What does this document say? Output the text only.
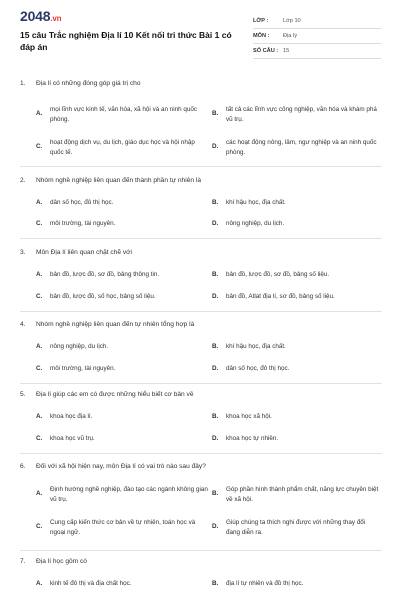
2048.vn
15 câu Trắc nghiệm Địa lí 10 Kết nối tri thức Bài 1 có đáp án
LỚP :	Lớp 10
MÔN :	Địa lý
SỐ CÂU : 15
1. Địa lí có những đóng góp giá trị cho
A.
mọi lĩnh vực kinh tế, văn hóa, xã hội và an ninh quốc phòng.
B.
tất cả các lĩnh vực công nghiệp, văn hóa và khám phá vũ trụ.
C.
hoạt động dịch vụ, du lịch, giáo dục học và hội nhập quốc tế.
D.
các hoạt động nông, lâm, ngư nghiệp và an ninh quốc phòng.
2. Nhóm nghề nghiệp liên quan đến thành phần tự nhiên là
A. dân số học, đô thị học.	B. khí hậu học, địa chất.
C. môi trường, tài nguyên.	D. nông nghiệp, du lịch.
3. Môn Địa lí liên quan chặt chẽ với
A. bản đồ, lược đồ, sơ đồ, bảng thông tin.	B. bản đồ, lược đồ, sơ đồ, bảng số liệu.
C. bản đồ, lược đồ, số học, bảng số liệu.	D. bản đồ, Atlat địa lí, sơ đồ, bảng số liệu.
4. Nhóm nghề nghiệp liên quan đến tự nhiên tổng hợp là
A. nông nghiệp, du lịch.	B. khí hậu học, địa chất.
C. môi trường, tài nguyên.	D. dân số học, đô thị học.
5. Địa lí giúp các em có được những hiểu biết cơ bản về
A. khoa học địa lí.	B. khoa học xã hội.
C. khoa học vũ trụ.	D. khoa học tự nhiên.
6. Đối với xã hội hiện nay, môn Địa lí có vai trò nào sau đây?
A.
Định hướng nghề nghiệp, đào tạo các ngành không gian vũ trụ.
B.
Góp phần hình thành phẩm chất, năng lực chuyên biệt về xã hội.
C.
Cung cấp kiến thức cơ bản về tự nhiên, toán học và ngoại ngữ.
D.
Giúp chúng ta thích nghi được với những thay đổi đang diễn ra.
7. Địa lí học gồm có
A. kinh tế đô thị và địa chất học.	B. địa lí tự nhiên và đồ thị học.
